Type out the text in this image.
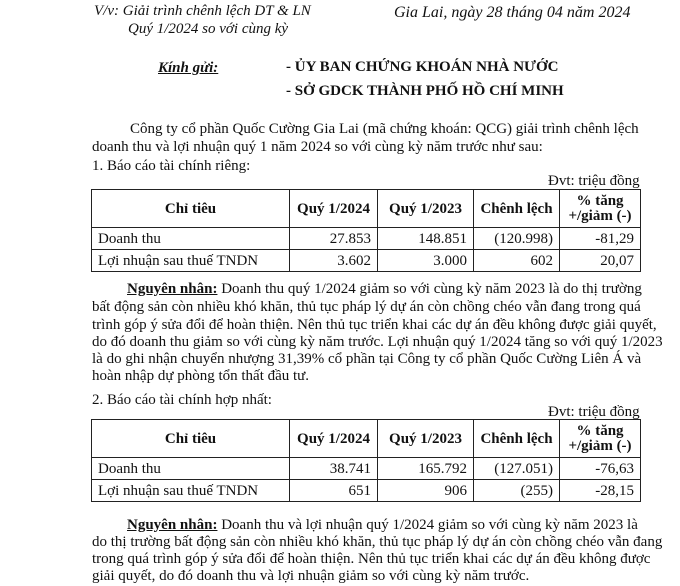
V/v: Giải trình chênh lệch DT & LN
Quý 1/2024 so với cùng kỳ
Gia Lai, ngày 28 tháng 04 năm 2024
Kính gửi:	- ỦY BAN CHỨNG KHOÁN NHÀ NƯỚC
- SỞ GDCK THÀNH PHỐ HỒ CHÍ MINH
Công ty cổ phần Quốc Cường Gia Lai (mã chứng khoán: QCG) giải trình chênh lệch
doanh thu và lợi nhuận quý 1 năm 2024 so với cùng kỳ năm trước như sau:
1. Báo cáo tài chính riêng:
Đvt: triệu đồng
Chỉ tiêu	Quý 1/2024	Quý 1/2023	Chênh lệch	% tăng
+/giảm (-)
Doanh thu	27.853	148.851	(120.998)	-81,29
Lợi nhuận sau thuế TNDN	3.602	3.000	602	20,07
Nguyên nhân: Doanh thu quý 1/2024 giảm so với cùng kỳ năm 2023 là do thị trường
bất động sản còn nhiều khó khăn, thủ tục pháp lý dự án còn chồng chéo vẫn đang trong quá
trình góp ý sửa đổi để hoàn thiện. Nên thủ tục triển khai các dự án đều không được giải quyết,
do đó doanh thu giảm so với cùng kỳ năm trước. Lợi nhuận quý 1/2024 tăng so với quý 1/2023
là do ghi nhận chuyển nhượng 31,39% cổ phần tại Công ty cổ phần Quốc Cường Liên Á và
hoàn nhập dự phòng tổn thất đầu tư.
2. Báo cáo tài chính hợp nhất:
Đvt: triệu đồng
Chỉ tiêu	Quý 1/2024	Quý 1/2023	Chênh lệch	% tăng
+/giảm (-)
Doanh thu	38.741	165.792	(127.051)	-76,63
Lợi nhuận sau thuế TNDN	651	906	(255)	-28,15
Nguyên nhân: Doanh thu và lợi nhuận quý 1/2024 giảm so với cùng kỳ năm 2023 là
do thị trường bất động sản còn nhiều khó khăn, thủ tục pháp lý dự án còn chồng chéo vẫn đang
trong quá trình góp ý sửa đổi để hoàn thiện. Nên thủ tục triển khai các dự án đều không được
giải quyết, do đó doanh thu và lợi nhuận giảm so với cùng kỳ năm trước.
